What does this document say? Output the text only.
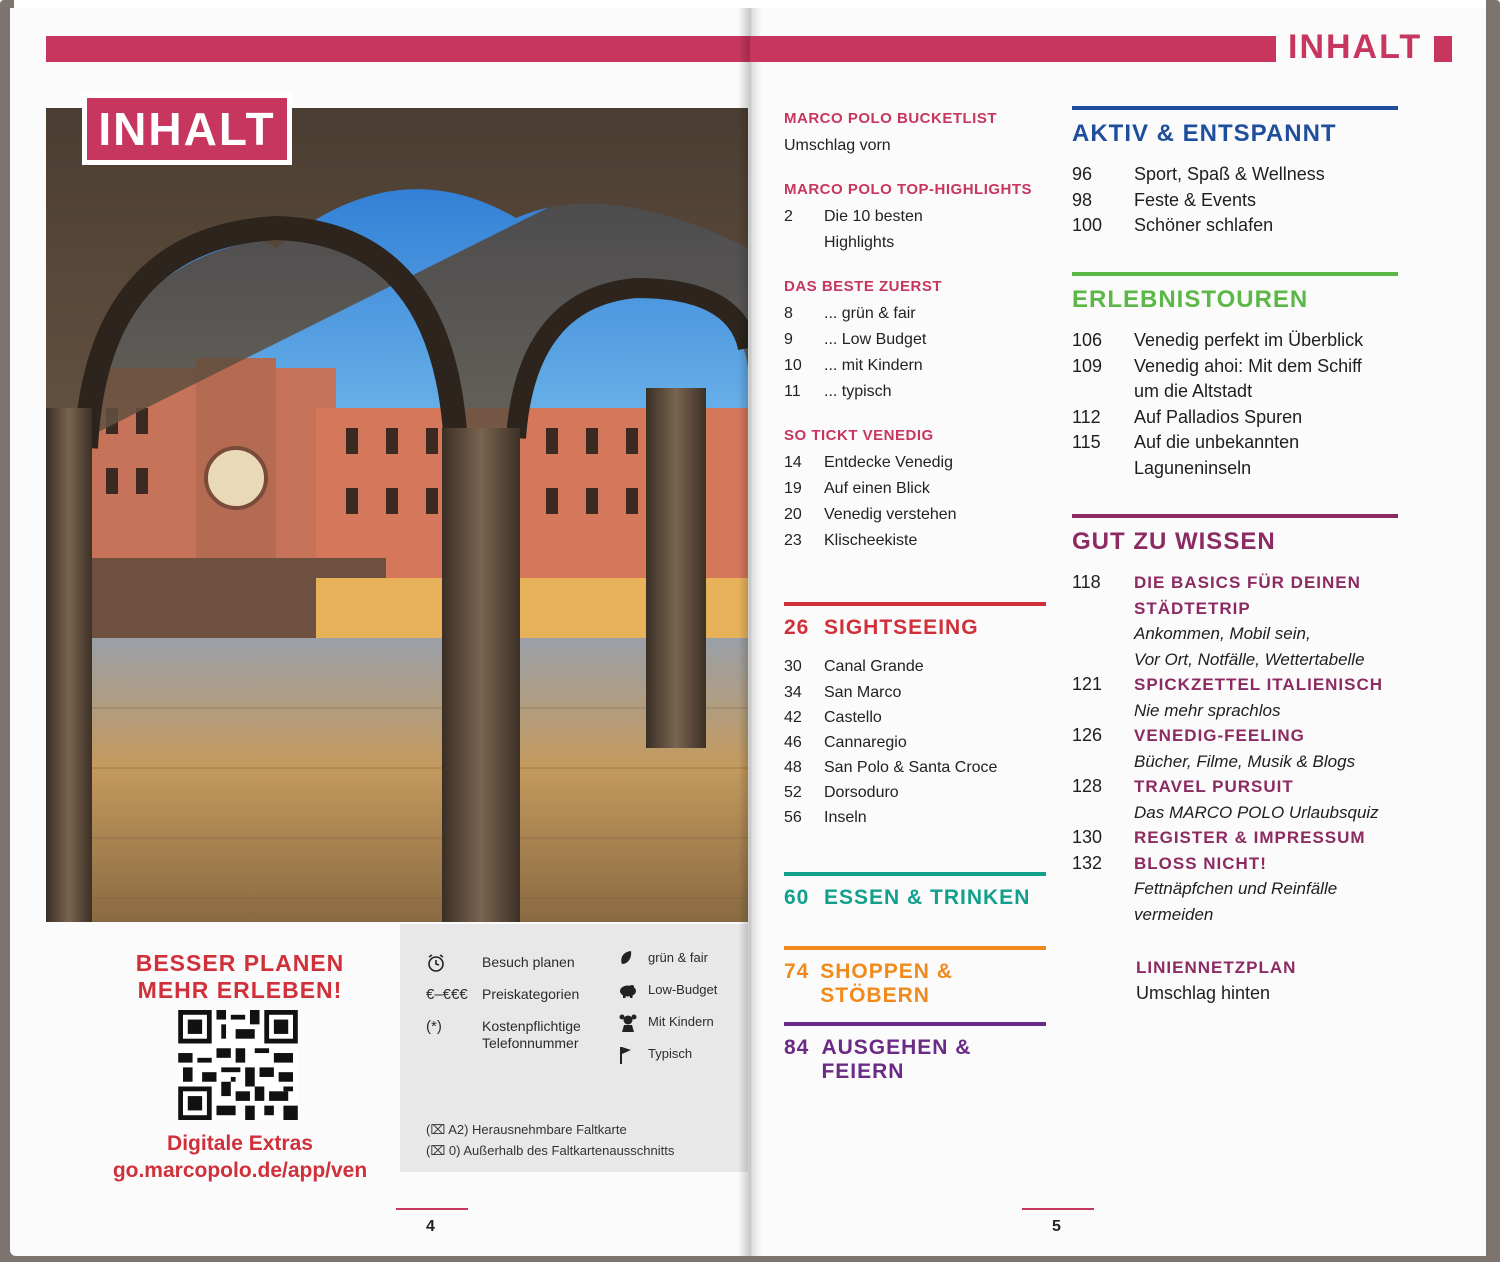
INHALT
BESSER PLANEN
MEHR ERLEBEN!
Digitale Extras
go.marcopolo.de/app/ven
Besuch planen
€–€€€	Preiskategorien
(*)	Kostenpflichtige Telefonnummer
grün & fair
Low-Budget
Mit Kindern
Typisch
(⌧ A2) Herausnehmbare Faltkarte
(⌧ 0) Außerhalb des Faltkartenausschnitts
4
INHALT
MARCO POLO BUCKETLIST
Umschlag vorn
MARCO POLO TOP-HIGHLIGHTS
2	Die 10 besten
Highlights
DAS BESTE ZUERST
8	... grün & fair
9	... Low Budget
10	... mit Kindern
11	... typisch
SO TICKT VENEDIG
14	Entdecke Venedig
19	Auf einen Blick
20	Venedig verstehen
23	Klischeekiste
26 SIGHTSEEING
30	Canal Grande
34	San Marco
42	Castello
46	Cannaregio
48	San Polo & Santa Croce
52	Dorsoduro
56	Inseln
60 ESSEN & TRINKEN
74 SHOPPEN & STÖBERN
84 AUSGEHEN & FEIERN
AKTIV & ENTSPANNT
96	Sport, Spaß & Wellness
98	Feste & Events
100	Schöner schlafen
ERLEBNISTOUREN
106	Venedig perfekt im Überblick
109	Venedig ahoi: Mit dem Schiff
um die Altstadt
112	Auf Palladios Spuren
115	Auf die unbekannten
Laguneninseln
GUT ZU WISSEN
118	DIE BASICS FÜR DEINEN
STÄDTETRIP
Ankommen, Mobil sein,
Vor Ort, Notfälle, Wettertabelle
121	SPICKZETTEL ITALIENISCH
Nie mehr sprachlos
126	VENEDIG-FEELING
Bücher, Filme, Musik & Blogs
128	TRAVEL PURSUIT
Das MARCO POLO Urlaubsquiz
130	REGISTER & IMPRESSUM
132	BLOSS NICHT!
Fettnäpfchen und Reinfälle
vermeiden
LINIENNETZPLAN
Umschlag hinten
5
